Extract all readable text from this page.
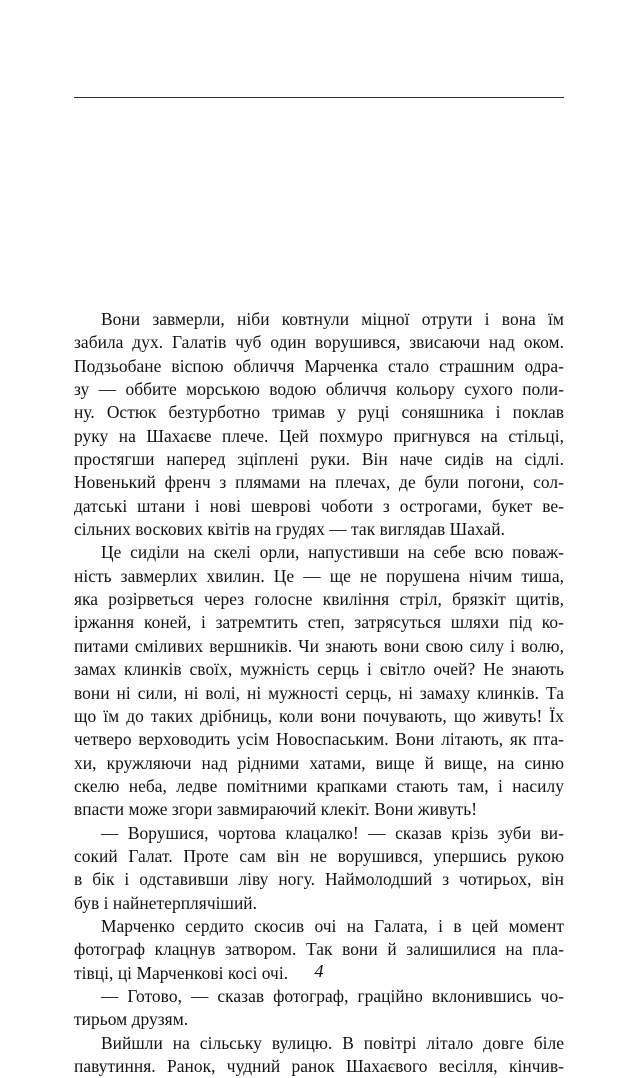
Вони завмерли, ніби ковтнули міцної отрути і вона їм
забила дух. Галатів чуб один ворушився, звисаючи над оком.
Подзьобане віспою обличчя Марченка стало страшним одра-
зу — оббите морською водою обличчя кольору сухого поли-
ну. Остюк безтурботно тримав у руці соняшника і поклав
руку на Шахаєве плече. Цей похмуро пригнувся на стільці,
простягши наперед зціплені руки. Він наче сидів на сідлі.
Новенький френч з плямами на плечах, де були погони, сол-
датські штани і нові шеврові чоботи з острогами, букет ве-
сільних воскових квітів на грудях — так виглядав Шахай.
Це сиділи на скелі орли, напустивши на себе всю поваж-
ність завмерлих хвилин. Це — ще не порушена нічим тиша,
яка розірветься через голосне квиління стріл, брязкіт щитів,
іржання коней, і затремтить степ, затрясуться шляхи під ко-
питами сміливих вершників. Чи знають вони свою силу і волю,
замах клинків своїх, мужність серць і світло очей? Не знають
вони ні сили, ні волі, ні мужності серць, ні замаху клинків. Та
що їм до таких дрібниць, коли вони почувають, що живуть! Їх
четверо верховодить усім Новоспаським. Вони літають, як пта-
хи, кружляючи над рідними хатами, вище й вище, на синю
скелю неба, ледве помітними крапками стають там, і насилу
впасти може згори завмираючий клекіт. Вони живуть!
— Ворушися, чортова клацалко! — сказав крізь зуби ви-
сокий Галат. Проте сам він не ворушився, упершись рукою
в бік і одставивши ліву ногу. Наймолодший з чотирьох, він
був і найнетерплячіший.
Марченко сердито скосив очі на Галата, і в цей момент
фотограф клацнув затвором. Так вони й залишилися на пла-
тівці, ці Марченкові косі очі.
— Готово, — сказав фотограф, граційно вклонившись чо-
тирьом друзям.
Вийшли на сільську вулицю. В повітрі літало довге біле
павутиння. Ранок, чудний ранок Шахаєвого весілля, кінчив-
4
